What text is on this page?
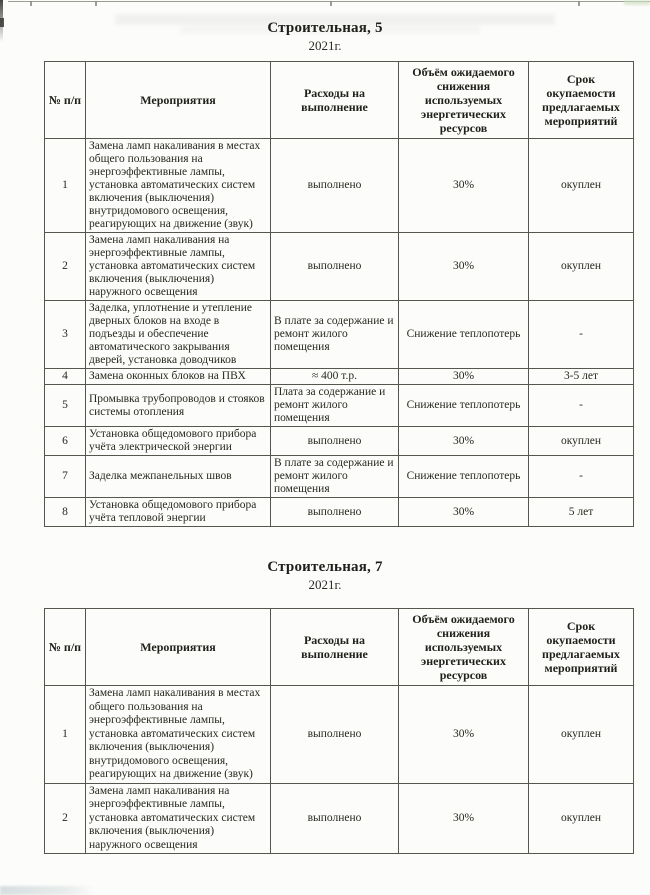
Строительная, 5
2021г.
№ п/п	Мероприятия	Расходы на выполнение	Объём ожидаемого снижения используемых энергетических ресурсов	Срок окупаемости предлагаемых мероприятий
1	Замена ламп накаливания в местах общего пользования на энергоэффективные лампы, установка автоматических систем включения (выключения) внутридомового освещения, реагирующих на движение (звук)	выполнено	30%	окуплен
2	Замена ламп накаливания на энергоэффективные лампы, установка автоматических систем включения (выключения) наружного освещения	выполнено	30%	окуплен
3	Заделка, уплотнение и утепление дверных блоков на входе в подъезды и обеспечение автоматического закрывания дверей, установка доводчиков	В плате за содержание и ремонт жилого помещения	Снижение теплопотерь	-
4	Замена оконных блоков на ПВХ	≈ 400 т.р.	30%	3-5 лет
5	Промывка трубопроводов и стояков системы отопления	Плата за содержание и ремонт жилого помещения	Снижение теплопотерь	-
6	Установка общедомового прибора учёта электрической энергии	выполнено	30%	окуплен
7	Заделка межпанельных швов	В плате за содержание и ремонт жилого помещения	Снижение теплопотерь	-
8	Установка общедомового прибора учёта тепловой энергии	выполнено	30%	5 лет
Строительная, 7
2021г.
№ п/п	Мероприятия	Расходы на выполнение	Объём ожидаемого снижения используемых энергетических ресурсов	Срок окупаемости предлагаемых мероприятий
1	Замена ламп накаливания в местах общего пользования на энергоэффективные лампы, установка автоматических систем включения (выключения) внутридомового освещения, реагирующих на движение (звук)	выполнено	30%	окуплен
2	Замена ламп накаливания на энергоэффективные лампы, установка автоматических систем включения (выключения) наружного освещения	выполнено	30%	окуплен
